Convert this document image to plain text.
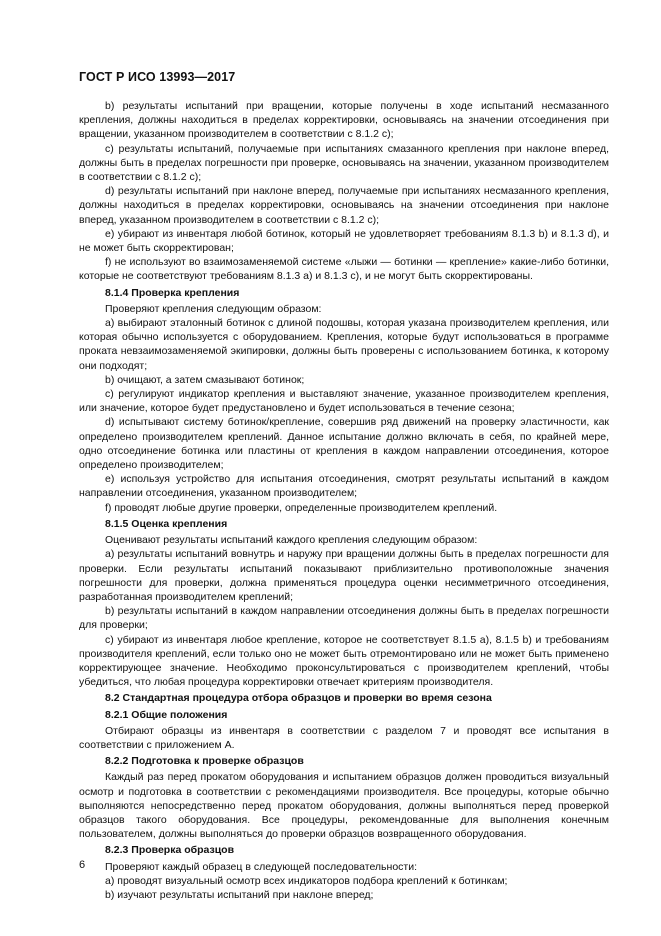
ГОСТ Р ИСО 13993—2017

b) результаты испытаний при вращении, которые получены в ходе испытаний несмазанного крепления, должны находиться в пределах корректировки, основываясь на значении отсоединения при вращении, указанном производителем в соответствии с 8.1.2 c);

c) результаты испытаний, получаемые при испытаниях смазанного крепления при наклоне вперед, должны быть в пределах погрешности при проверке, основываясь на значении, указанном производителем в соответствии с 8.1.2 c);

d) результаты испытаний при наклоне вперед, получаемые при испытаниях несмазанного крепления, должны находиться в пределах корректировки, основываясь на значении отсоединения при наклоне вперед, указанном производителем в соответствии с 8.1.2 c);

e) убирают из инвентаря любой ботинок, который не удовлетворяет требованиям 8.1.3 b) и 8.1.3 d), и не может быть скорректирован;

f) не используют во взаимозаменяемой системе «лыжи — ботинки — крепление» какие-либо ботинки, которые не соответствуют требованиям 8.1.3 a) и 8.1.3 c), и не могут быть скорректированы.

8.1.4 Проверка крепления

Проверяют крепления следующим образом:

a) выбирают эталонный ботинок с длиной подошвы, которая указана производителем крепления, или которая обычно используется с оборудованием. Крепления, которые будут использоваться в программе проката невзаимозаменяемой экипировки, должны быть проверены с использованием ботинка, к которому они подходят;

b) очищают, а затем смазывают ботинок;

c) регулируют индикатор крепления и выставляют значение, указанное производителем крепления, или значение, которое будет предустановлено и будет использоваться в течение сезона;

d) испытывают систему ботинок/крепление, совершив ряд движений на проверку эластичности, как определено производителем креплений. Данное испытание должно включать в себя, по крайней мере, одно отсоединение ботинка или пластины от крепления в каждом направлении отсоединения, которое определено производителем;

e) используя устройство для испытания отсоединения, смотрят результаты испытаний в каждом направлении отсоединения, указанном производителем;

f) проводят любые другие проверки, определенные производителем креплений.

8.1.5 Оценка крепления

Оценивают результаты испытаний каждого крепления следующим образом:

a) результаты испытаний вовнутрь и наружу при вращении должны быть в пределах погрешности для проверки. Если результаты испытаний показывают приблизительно противоположные значения погрешности для проверки, должна применяться процедура оценки несимметричного отсоединения, разработанная производителем креплений;

b) результаты испытаний в каждом направлении отсоединения должны быть в пределах погрешности для проверки;

c) убирают из инвентаря любое крепление, которое не соответствует 8.1.5 a), 8.1.5 b) и требованиям производителя креплений, если только оно не может быть отремонтировано или не может быть применено корректирующее значение. Необходимо проконсультироваться с производителем креплений, чтобы убедиться, что любая процедура корректировки отвечает критериям производителя.

8.2 Стандартная процедура отбора образцов и проверки во время сезона

8.2.1 Общие положения

Отбирают образцы из инвентаря в соответствии с разделом 7 и проводят все испытания в соответствии с приложением А.

8.2.2 Подготовка к проверке образцов

Каждый раз перед прокатом оборудования и испытанием образцов должен проводиться визуальный осмотр и подготовка в соответствии с рекомендациями производителя. Все процедуры, которые обычно выполняются непосредственно перед прокатом оборудования, должны выполняться перед проверкой образцов такого оборудования. Все процедуры, рекомендованные для выполнения конечным пользователем, должны выполняться до проверки образцов возвращенного оборудования.

8.2.3 Проверка образцов

Проверяют каждый образец в следующей последовательности:

a) проводят визуальный осмотр всех индикаторов подбора креплений к ботинкам;

b) изучают результаты испытаний при наклоне вперед;

6
